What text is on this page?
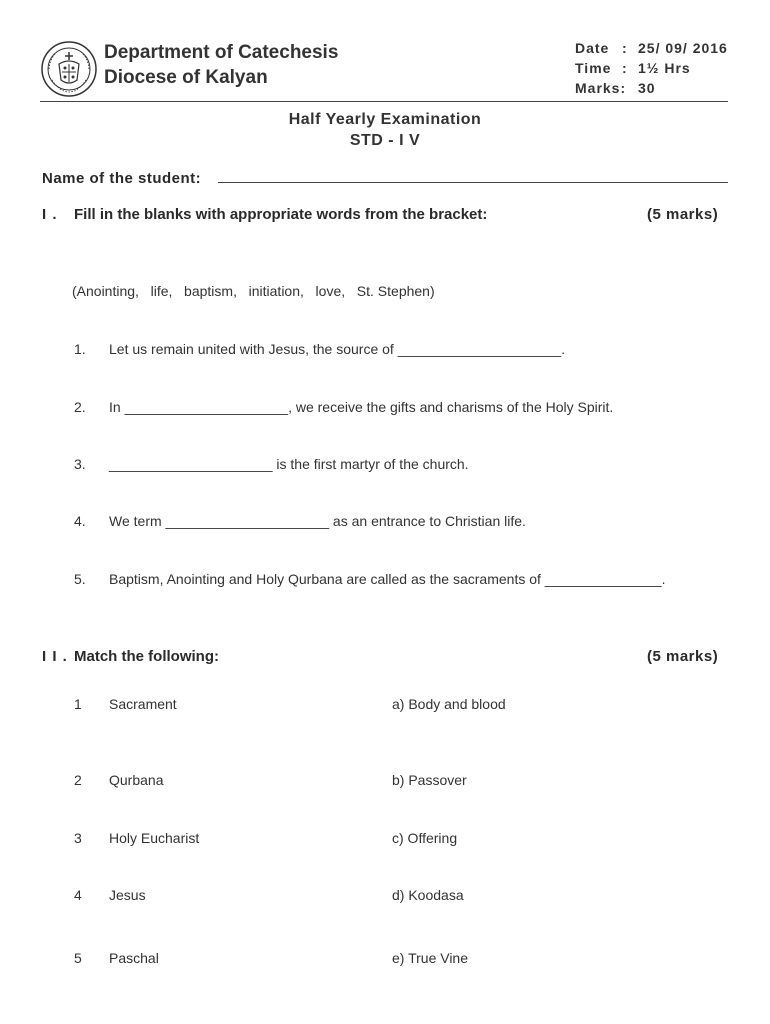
Department of Catechesis
Diocese of Kalyan
Date : 25/ 09/ 2016
Time : 1½ Hrs
Marks: 30
Half Yearly Examination
STD - I V
Name of the student:
I . Fill in the blanks with appropriate words from the bracket:	(5 marks)
(Anointing,   life,   baptism,   initiation,   love,   St. Stephen)
1. Let us remain united with Jesus, the source of _____________________.
2. In _____________________, we receive the gifts and charisms of the Holy Spirit.
3. _____________________ is the first martyr of the church.
4. We term _____________________ as an entrance to Christian life.
5. Baptism, Anointing and Holy Qurbana are called as the sacraments of _______________.
I I . Match the following:	(5 marks)
1 Sacrament	a) Body and blood
2 Qurbana	b) Passover
3 Holy Eucharist	c) Offering
4 Jesus	d) Koodasa
5 Paschal	e) True Vine
